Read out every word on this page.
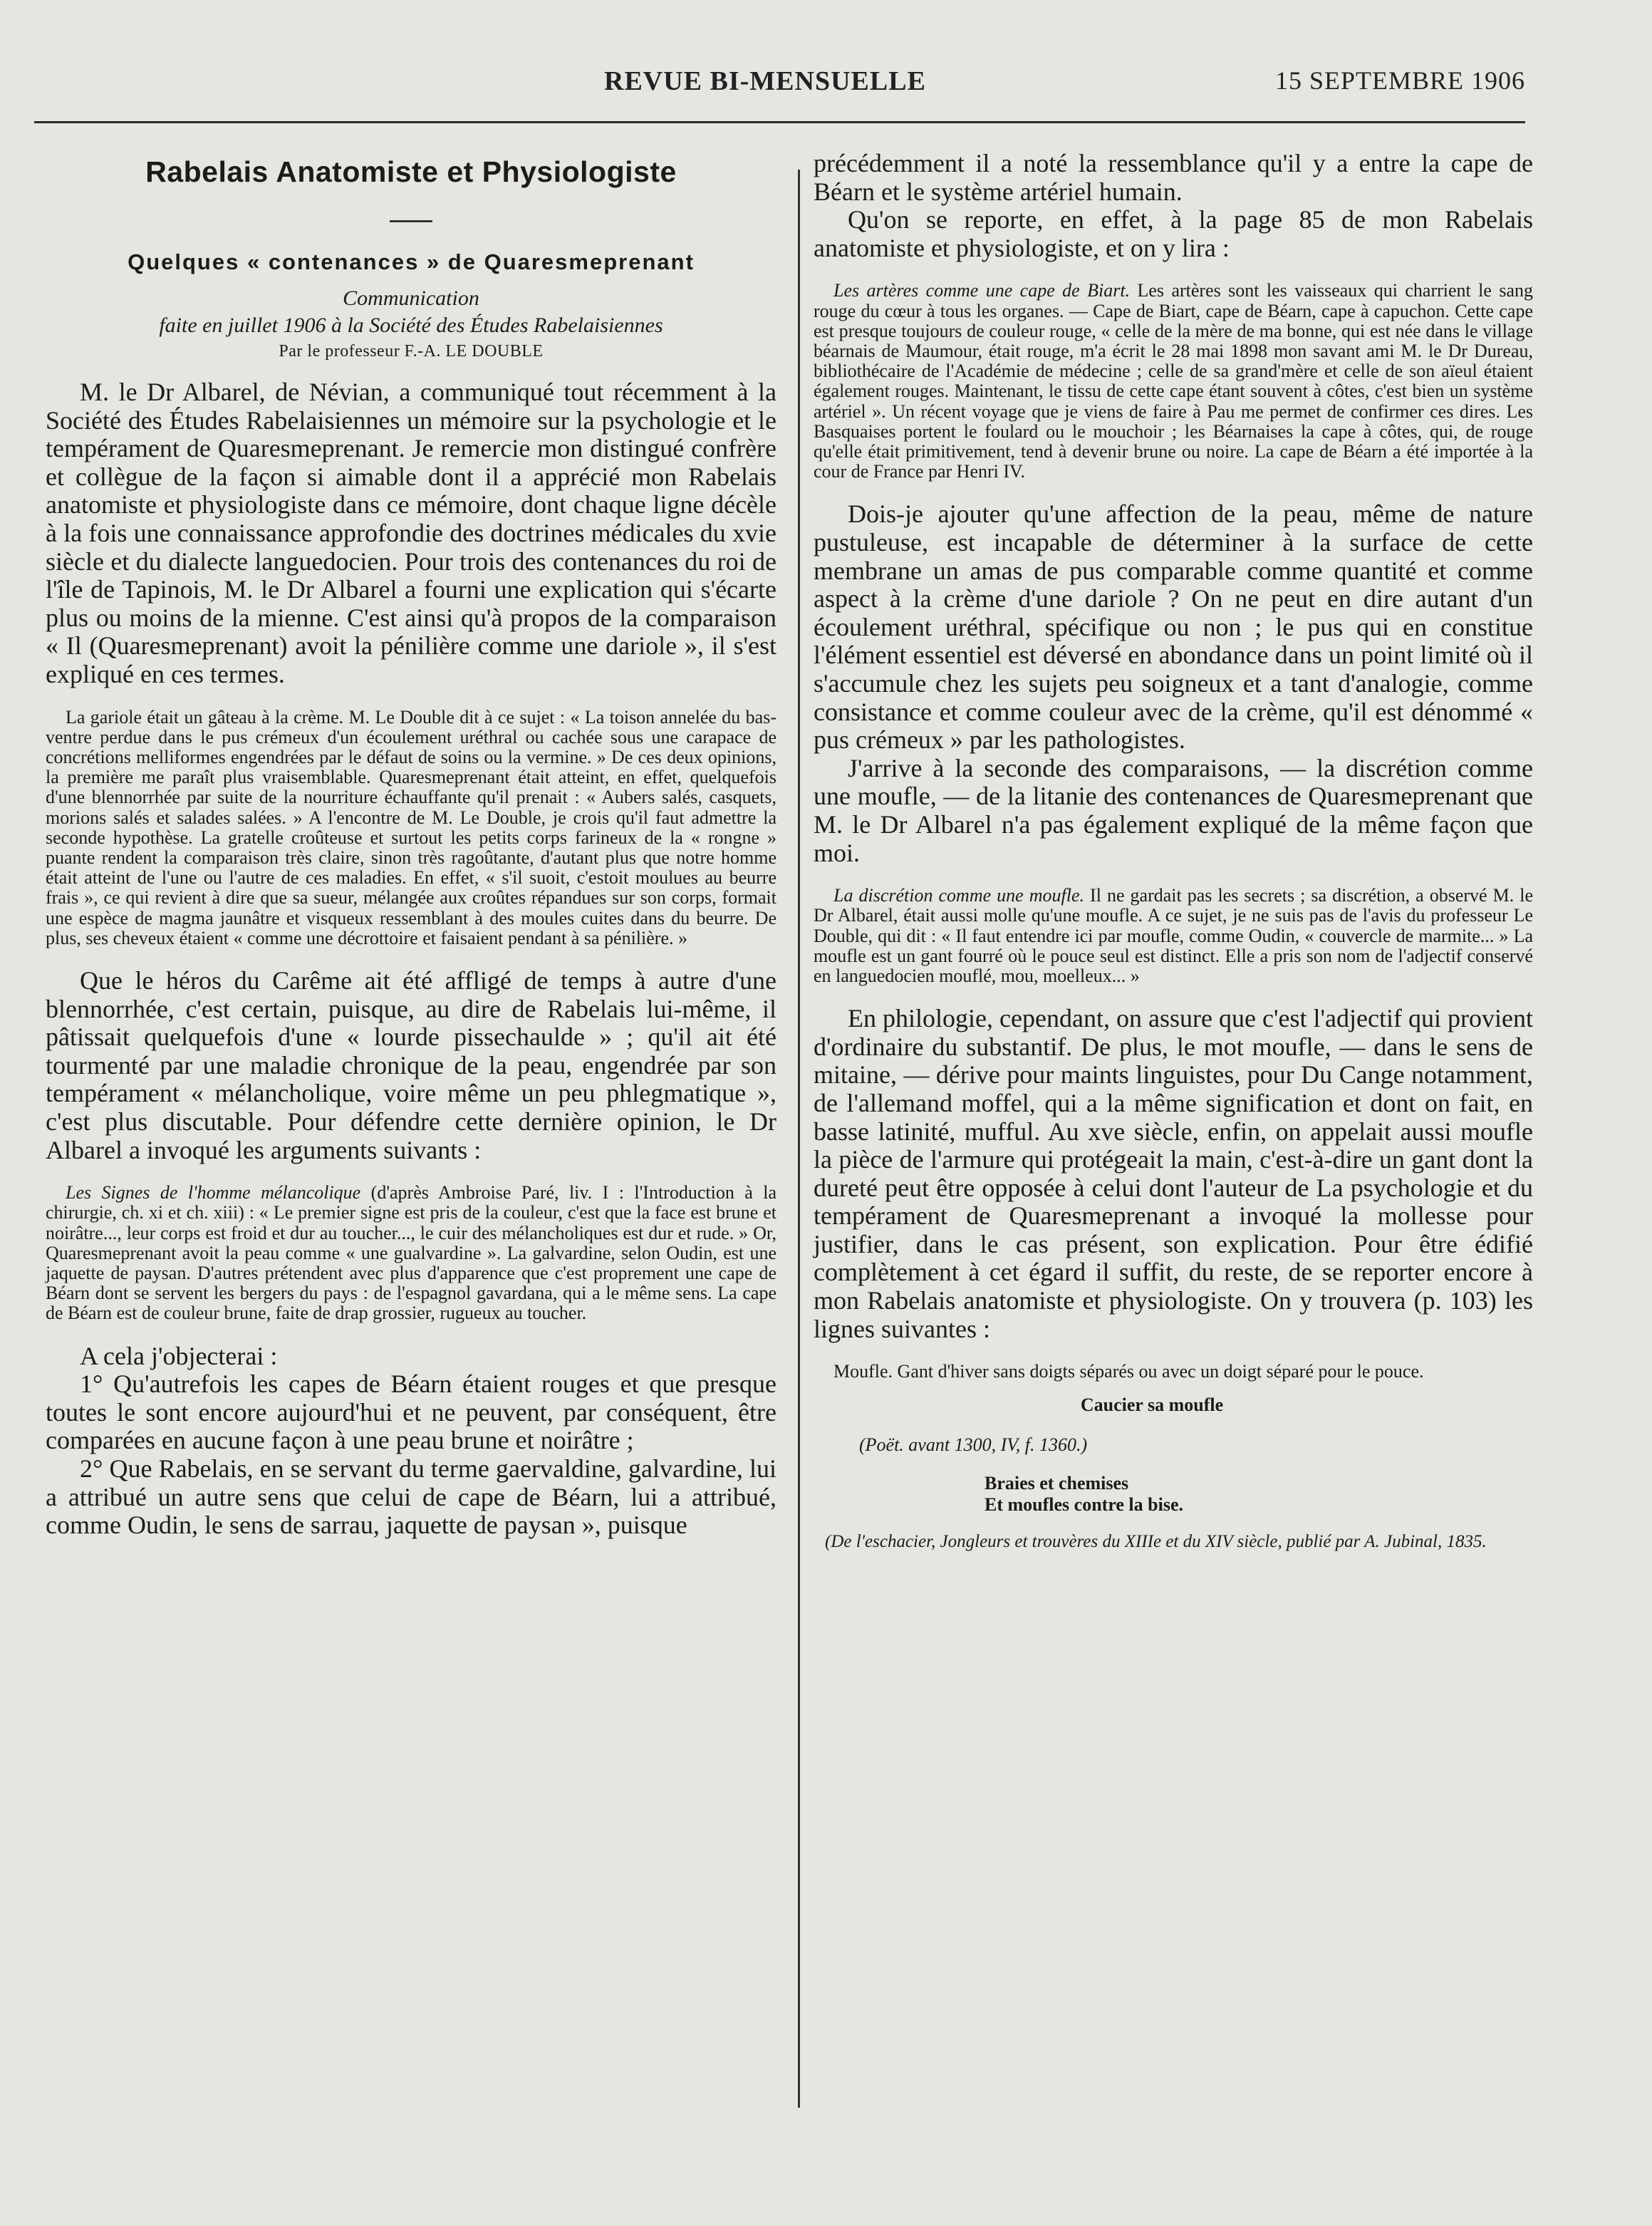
REVUE BI-MENSUELLE	15 SEPTEMBRE 1906
Rabelais Anatomiste et Physiologiste
Quelques « contenances » de Quaresmeprenant

Communication

faite en juillet 1906 à la Société des Études Rabelaisiennes

Par le professeur F.-A. LE DOUBLE

M. le Dr Albarel, de Névian, a communiqué tout récemment à la Société des Études Rabelaisiennes un mémoire sur la psychologie et le tempérament de Quaresmeprenant. Je remercie mon distingué confrère et collègue de la façon si aimable dont il a apprécié mon Rabelais anatomiste et physiologiste dans ce mémoire, dont chaque ligne décèle à la fois une connaissance approfondie des doctrines médicales du xvie siècle et du dialecte languedocien. Pour trois des contenances du roi de l'île de Tapinois, M. le Dr Albarel a fourni une explication qui s'écarte plus ou moins de la mienne. C'est ainsi qu'à propos de la comparaison « Il (Quaresmeprenant) avoit la pénilière comme une dariole », il s'est expliqué en ces termes.

La gariole était un gâteau à la crème. M. Le Double dit à ce sujet : « La toison annelée du bas-ventre perdue dans le pus crémeux d'un écoulement uréthral ou cachée sous une carapace de concrétions melliformes engendrées par le défaut de soins ou la vermine. » De ces deux opinions, la première me paraît plus vraisemblable. Quaresmeprenant était atteint, en effet, quelquefois d'une blennorrhée par suite de la nourriture échauffante qu'il prenait : « Aubers salés, casquets, morions salés et salades salées. » A l'encontre de M. Le Double, je crois qu'il faut admettre la seconde hypothèse. La gratelle croûteuse et surtout les petits corps farineux de la « rongne » puante rendent la comparaison très claire, sinon très ragoûtante, d'autant plus que notre homme était atteint de l'une ou l'autre de ces maladies. En effet, « s'il suoit, c'estoit moulues au beurre frais », ce qui revient à dire que sa sueur, mélangée aux croûtes répandues sur son corps, formait une espèce de magma jaunâtre et visqueux ressemblant à des moules cuites dans du beurre. De plus, ses cheveux étaient « comme une décrottoire et faisaient pendant à sa pénilière. »

Que le héros du Carême ait été affligé de temps à autre d'une blennorrhée, c'est certain, puisque, au dire de Rabelais lui-même, il pâtissait quelquefois d'une « lourde pissechaulde » ; qu'il ait été tourmenté par une maladie chronique de la peau, engendrée par son tempérament « mélancholique, voire même un peu phlegmatique », c'est plus discutable. Pour défendre cette dernière opinion, le Dr Albarel a invoqué les arguments suivants :

Les Signes de l'homme mélancolique (d'après Ambroise Paré, liv. I : l'Introduction à la chirurgie, ch. xi et ch. xiii) : « Le premier signe est pris de la couleur, c'est que la face est brune et noirâtre..., leur corps est froid et dur au toucher..., le cuir des mélancholiques est dur et rude. » Or, Quaresmeprenant avoit la peau comme « une gualvardine ». La galvardine, selon Oudin, est une jaquette de paysan. D'autres prétendent avec plus d'apparence que c'est proprement une cape de Béarn dont se servent les bergers du pays : de l'espagnol gavardana, qui a le même sens. La cape de Béarn est de couleur brune, faite de drap grossier, rugueux au toucher.

A cela j'objecterai :

1° Qu'autrefois les capes de Béarn étaient rouges et que presque toutes le sont encore aujourd'hui et ne peuvent, par conséquent, être comparées en aucune façon à une peau brune et noirâtre ;

2° Que Rabelais, en se servant du terme gaervaldine, galvardine, lui a attribué un autre sens que celui de cape de Béarn, lui a attribué, comme Oudin, le sens de sarrau, jaquette de paysan », puisque

précédemment il a noté la ressemblance qu'il y a entre la cape de Béarn et le système artériel humain.

Qu'on se reporte, en effet, à la page 85 de mon Rabelais anatomiste et physiologiste, et on y lira :

Les artères comme une cape de Biart. Les artères sont les vaisseaux qui charrient le sang rouge du cœur à tous les organes. — Cape de Biart, cape de Béarn, cape à capuchon. Cette cape est presque toujours de couleur rouge, « celle de la mère de ma bonne, qui est née dans le village béarnais de Maumour, était rouge, m'a écrit le 28 mai 1898 mon savant ami M. le Dr Dureau, bibliothécaire de l'Académie de médecine ; celle de sa grand'mère et celle de son aïeul étaient également rouges. Maintenant, le tissu de cette cape étant souvent à côtes, c'est bien un système artériel ». Un récent voyage que je viens de faire à Pau me permet de confirmer ces dires. Les Basquaises portent le foulard ou le mouchoir ; les Béarnaises la cape à côtes, qui, de rouge qu'elle était primitivement, tend à devenir brune ou noire. La cape de Béarn a été importée à la cour de France par Henri IV.

Dois-je ajouter qu'une affection de la peau, même de nature pustuleuse, est incapable de déterminer à la surface de cette membrane un amas de pus comparable comme quantité et comme aspect à la crème d'une dariole ? On ne peut en dire autant d'un écoulement uréthral, spécifique ou non ; le pus qui en constitue l'élément essentiel est déversé en abondance dans un point limité où il s'accumule chez les sujets peu soigneux et a tant d'analogie, comme consistance et comme couleur avec de la crème, qu'il est dénommé « pus crémeux » par les pathologistes.

J'arrive à la seconde des comparaisons, — la discrétion comme une moufle, — de la litanie des contenances de Quaresmeprenant que M. le Dr Albarel n'a pas également expliqué de la même façon que moi.

La discrétion comme une moufle. Il ne gardait pas les secrets ; sa discrétion, a observé M. le Dr Albarel, était aussi molle qu'une moufle. A ce sujet, je ne suis pas de l'avis du professeur Le Double, qui dit : « Il faut entendre ici par moufle, comme Oudin, « couvercle de marmite... » La moufle est un gant fourré où le pouce seul est distinct. Elle a pris son nom de l'adjectif conservé en languedocien mouflé, mou, moelleux... »

En philologie, cependant, on assure que c'est l'adjectif qui provient d'ordinaire du substantif. De plus, le mot moufle, — dans le sens de mitaine, — dérive pour maints linguistes, pour Du Cange notamment, de l'allemand moffel, qui a la même signification et dont on fait, en basse latinité, mufful. Au xve siècle, enfin, on appelait aussi moufle la pièce de l'armure qui protégeait la main, c'est-à-dire un gant dont la dureté peut être opposée à celui dont l'auteur de La psychologie et du tempérament de Quaresmeprenant a invoqué la mollesse pour justifier, dans le cas présent, son explication. Pour être édifié complètement à cet égard il suffit, du reste, de se reporter encore à mon Rabelais anatomiste et physiologiste. On y trouvera (p. 103) les lignes suivantes :

Moufle. Gant d'hiver sans doigts séparés ou avec un doigt séparé pour le pouce.

Caucier sa moufle
(Poët. avant 1300, IV, f. 1360.)
Braies et chemises
Et moufles contre la bise.
(De l'eschacier, Jongleurs et trouvères du XIIIe et du XIV siècle, publié par A. Jubinal, 1835.
